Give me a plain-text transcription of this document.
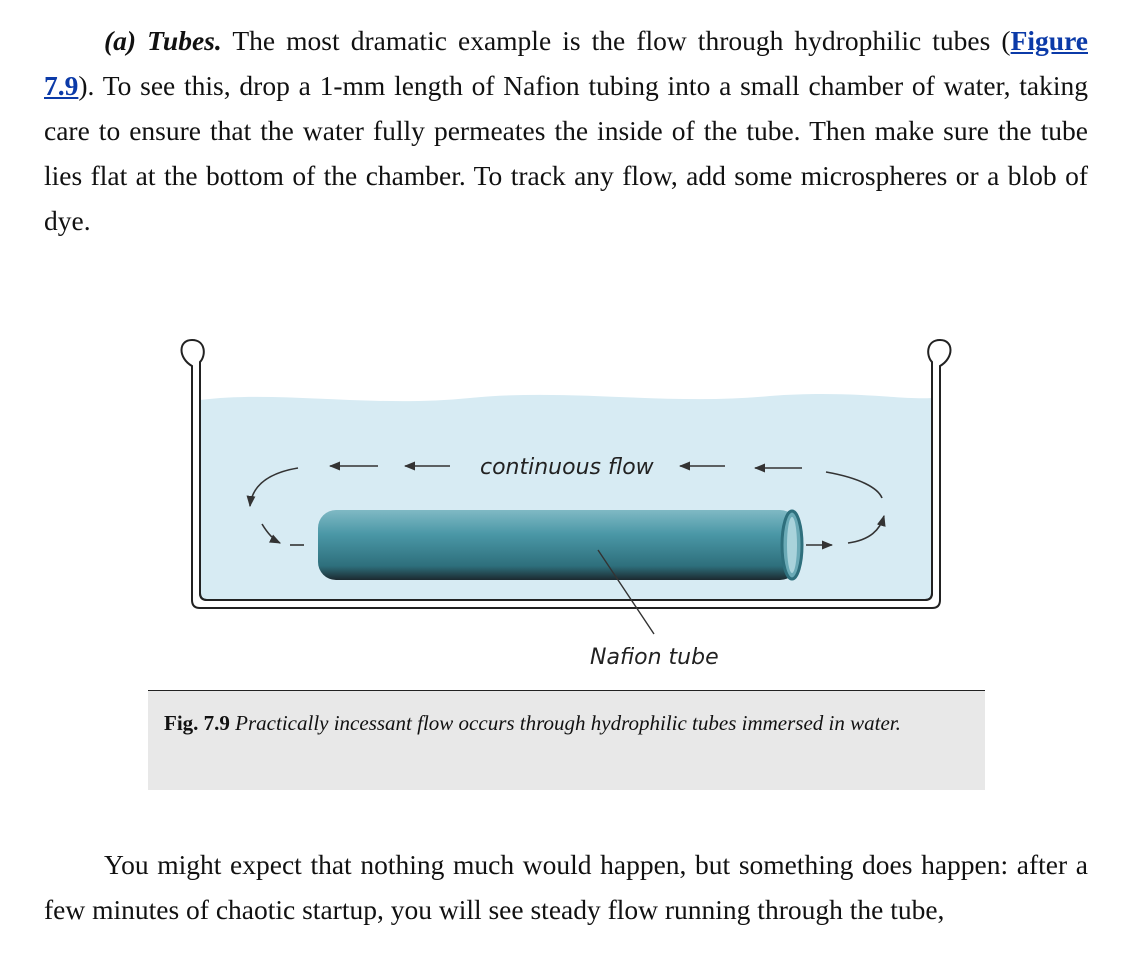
(a) Tubes. The most dramatic example is the flow through hydrophilic tubes (Figure 7.9). To see this, drop a 1-mm length of Nafion tubing into a small chamber of water, taking care to ensure that the water fully permeates the inside of the tube. Then make sure the tube lies flat at the bottom of the chamber. To track any flow, add some microspheres or a blob of dye.

continuous flow
Nafion tube
Fig. 7.9 Practically incessant flow occurs through hydrophilic tubes immersed in water.

You might expect that nothing much would happen, but something does happen: after a few minutes of chaotic startup, you will see steady flow running through the tube,
